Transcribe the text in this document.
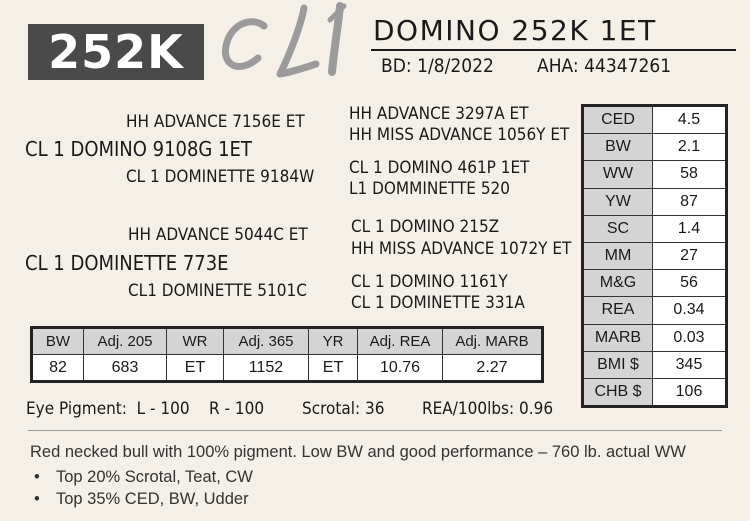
252K	DOMINO 252K 1ET
BD: 1/8/2022 AHA: 44347261
HH ADVANCE 7156E ET
CL 1 DOMINO 9108G 1ET
CL 1 DOMINETTE 9184W
HH ADVANCE 3297A ET
HH MISS ADVANCE 1056Y ET
CL 1 DOMINO 461P 1ET
L1 DOMMINETTE 520
HH ADVANCE 5044C ET
CL 1 DOMINETTE 773E
CL1 DOMINETTE 5101C
CL 1 DOMINO 215Z
HH MISS ADVANCE 1072Y ET
CL 1 DOMINO 1161Y
CL 1 DOMINETTE 331A
CED	4.5
BW	2.1
WW	58
YW	87
SC	1.4
MM	27
M&G	56
REA	0.34
MARB	0.03
BMI $	345
CHB $	106
BW	Adj. 205	WR	Adj. 365	YR	Adj. REA	Adj. MARB
82	683	ET	1152	ET	10.76	2.27
Eye Pigment:  L - 100    R - 100 Scrotal: 36 REA/100lbs: 0.96
Red necked bull with 100% pigment. Low BW and good performance – 760 lb. actual WW
• Top 20% Scrotal, Teat, CW
• Top 35% CED, BW, Udder
